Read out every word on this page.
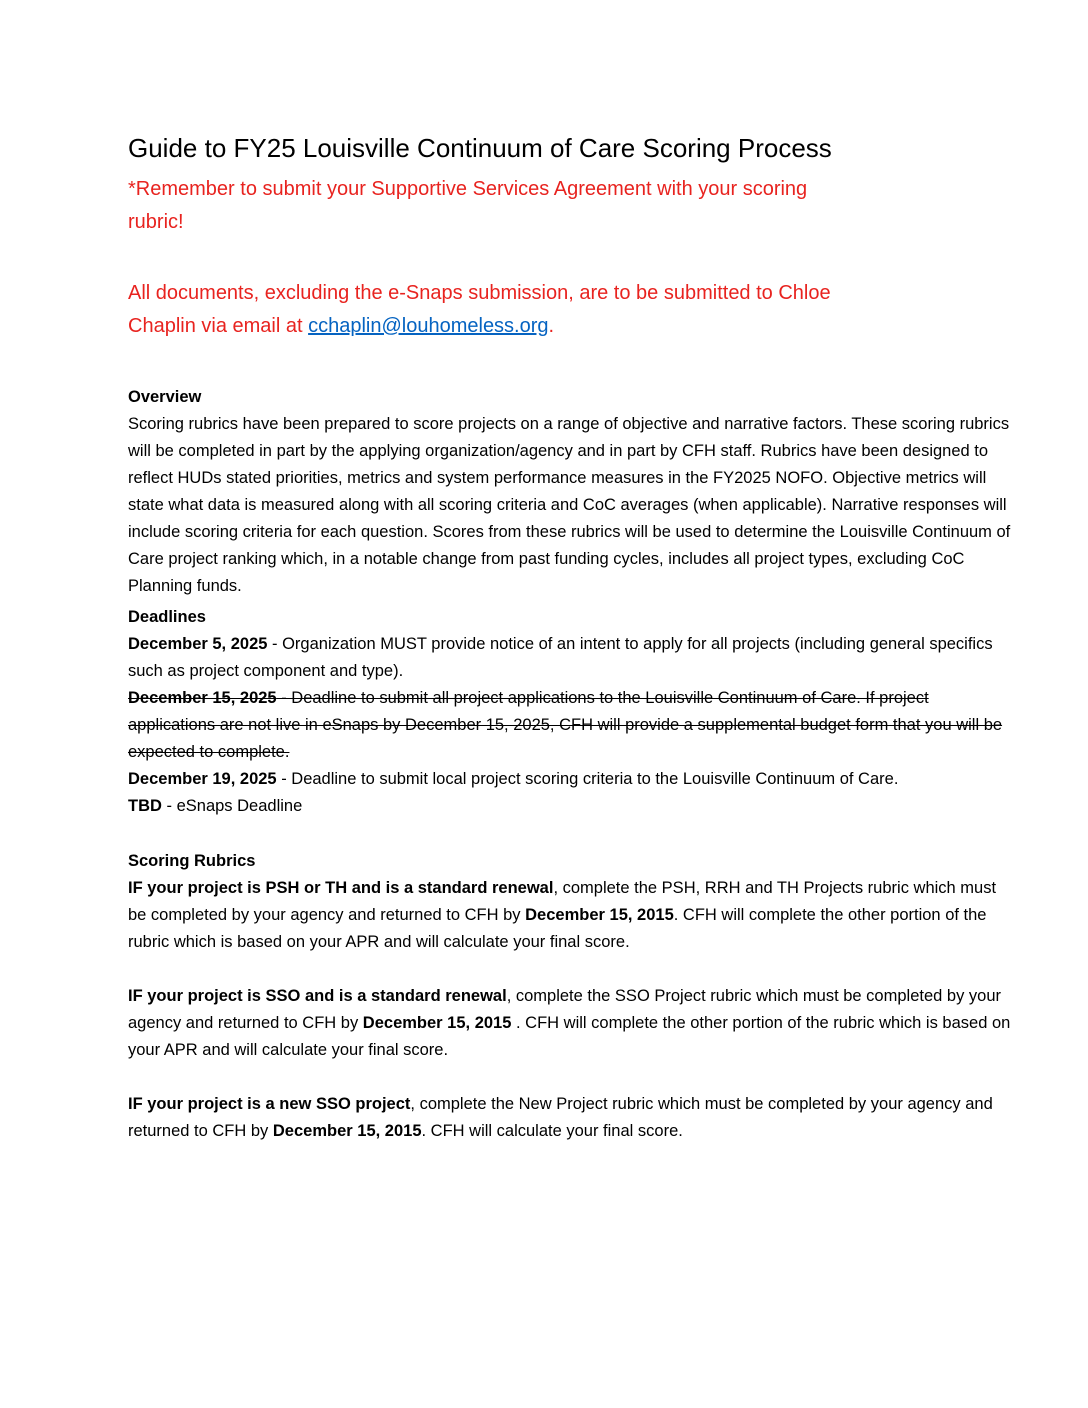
Guide to FY25 Louisville Continuum of Care Scoring Process
*Remember to submit your Supportive Services Agreement with your scoring
rubric!
All documents, excluding the e-Snaps submission, are to be submitted to Chloe
Chaplin via email at cchaplin@louhomeless.org.
Overview

Scoring rubrics have been prepared to score projects on a range of objective and narrative factors. These scoring rubrics will be completed in part by the applying organization/agency and in part by CFH staff. Rubrics have been designed to reflect HUDs stated priorities, metrics and system performance measures in the FY2025 NOFO. Objective metrics will state what data is measured along with all scoring criteria and CoC averages (when applicable). Narrative responses will include scoring criteria for each question. Scores from these rubrics will be used to determine the Louisville Continuum of Care project ranking which, in a notable change from past funding cycles, includes all project types, excluding CoC Planning funds.

Deadlines

December 5, 2025 - Organization MUST provide notice of an intent to apply for all projects (including general specifics such as project component and type).

December 15, 2025 - Deadline to submit all project applications to the Louisville Continuum of Care. If project applications are not live in eSnaps by December 15, 2025, CFH will provide a supplemental budget form that you will be expected to complete.

December 19, 2025 - Deadline to submit local project scoring criteria to the Louisville Continuum of Care.

TBD - eSnaps Deadline

Scoring Rubrics

IF your project is PSH or TH and is a standard renewal, complete the PSH, RRH and TH Projects rubric which must be completed by your agency and returned to CFH by December 15, 2015. CFH will complete the other portion of the rubric which is based on your APR and will calculate your final score.

IF your project is SSO and is a standard renewal, complete the SSO Project rubric which must be completed by your agency and returned to CFH by December 15, 2015 . CFH will complete the other portion of the rubric which is based on your APR and will calculate your final score.

IF your project is a new SSO project, complete the New Project rubric which must be completed by your agency and returned to CFH by December 15, 2015. CFH will calculate your final score.
